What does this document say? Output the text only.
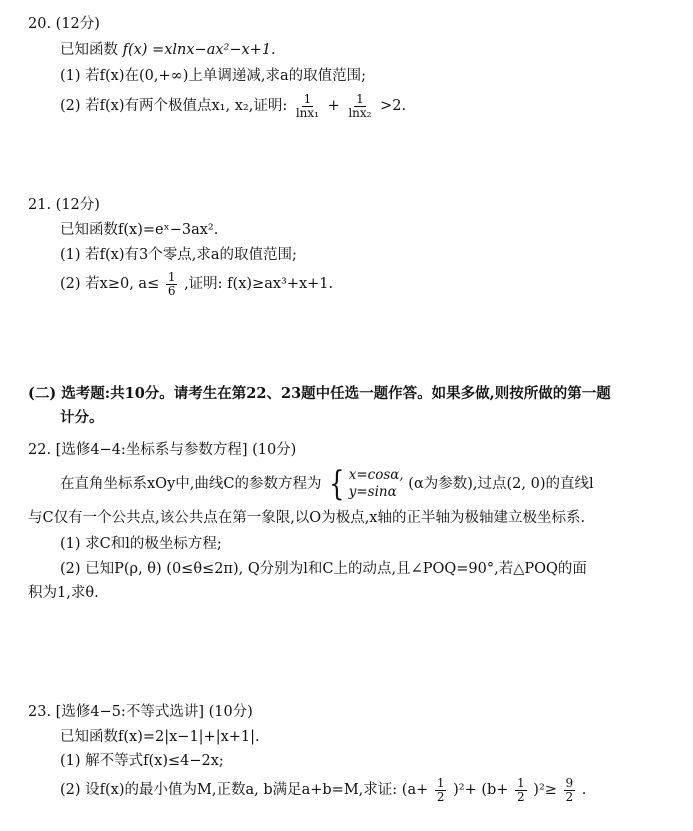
20. (12分)
已知函数 f(x) =xlnx−ax²−x+1.
(1) 若f(x)在(0,+∞)上单调递减,求a的取值范围;
(2) 若f(x)有两个极值点x₁, x₂,证明: $\frac{1}{\text{lnx₁}} + \frac{1}{\text{lnx₂}} >2$.
21. (12分)
已知函数f(x)=eˣ−3ax².
(1) 若f(x)有3个零点,求a的取值范围;
(2) 若x≥0, $a\le \frac{1}{6}$ ,证明: f(x)≥ax³+x+1.
(二) 选考题:共10分。请考生在第22、23题中任选一题作答。如果多做,则按所做的第一题
计分。
22. [选修4−4:坐标系与参数方程] (10分)
在直角坐标系xOy中,曲线C的参数方程为 { x=cosα,
y=sinα (α为参数),过点(2, 0)的直线l
与C仅有一个公共点,该公共点在第一象限,以O为极点,x轴的正半轴为极轴建立极坐标系.
(1) 求C和l的极坐标方程;
(2) 已知P(ρ, θ) (0≤θ≤2π), Q分别为l和C上的动点,且∠POQ=90°,若△POQ的面
积为1,求θ.
23. [选修4−5:不等式选讲] (10分)
已知函数f(x)=2|x−1|+|x+1|.
(1) 解不等式f(x)≤4−2x;
(2) 设f(x)的最小值为M,正数a, b满足a+b=M,求证: $(a+ \frac{1}{2} )^2+ (b+ \frac{1}{2} )^2\ge \frac{9}{2}$ .
